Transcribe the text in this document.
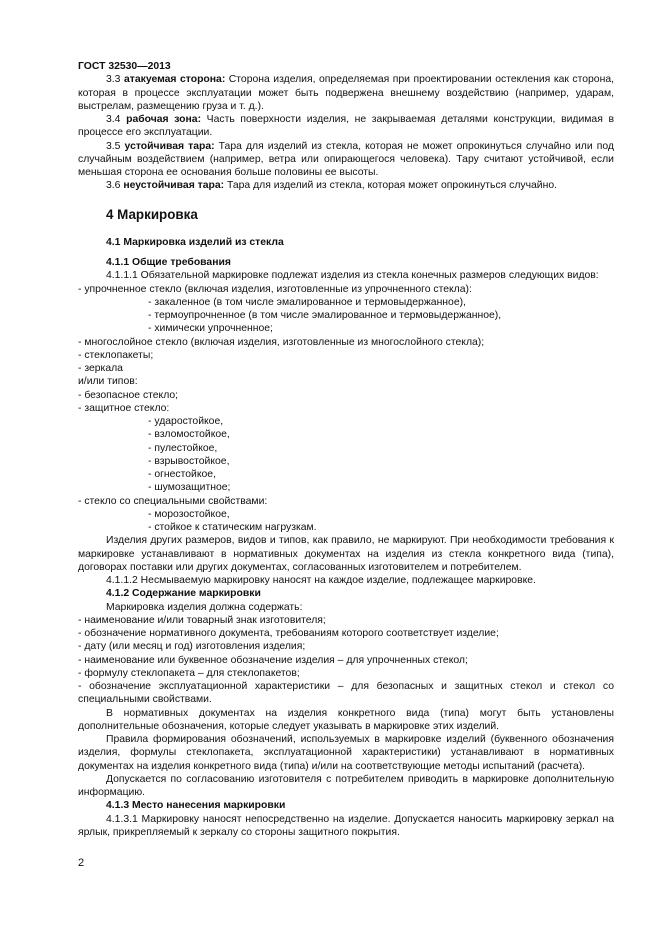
ГОСТ 32530—2013

3.3 атакуемая сторона: Сторона изделия, определяемая при проектировании остекления как сторона, которая в процессе эксплуатации может быть подвержена внешнему воздействию (например, ударам, выстрелам, размещению груза и т. д.).

3.4 рабочая зона: Часть поверхности изделия, не закрываемая деталями конструкции, видимая в процессе его эксплуатации.

3.5 устойчивая тара: Тара для изделий из стекла, которая не может опрокинуться случайно или под случайным воздействием (например, ветра или опирающегося человека). Тару считают устойчивой, если меньшая сторона ее основания больше половины ее высоты.

3.6 неустойчивая тара: Тара для изделий из стекла, которая может опрокинуться случайно.

4 Маркировка

4.1 Маркировка изделий из стекла

4.1.1 Общие требования

4.1.1.1 Обязательной маркировке подлежат изделия из стекла конечных размеров следующих видов:

- упрочненное стекло (включая изделия, изготовленные из упрочненного стекла):

- закаленное (в том числе эмалированное и термовыдержанное),

- термоупрочненное (в том числе эмалированное и термовыдержанное),

- химически упрочненное;

- многослойное стекло (включая изделия, изготовленные из многослойного стекла);

- стеклопакеты;

- зеркала

и/или типов:

- безопасное стекло;

- защитное стекло:

- ударостойкое,

- взломостойкое,

- пулестойкое,

- взрывостойкое,

- огнестойкое,

- шумозащитное;

- стекло со специальными свойствами:

- морозостойкое,

- стойкое к статическим нагрузкам.

Изделия других размеров, видов и типов, как правило, не маркируют. При необходимости требования к маркировке устанавливают в нормативных документах на изделия из стекла конкретного вида (типа), договорах поставки или других документах, согласованных изготовителем и потребителем.

4.1.1.2 Несмываемую маркировку наносят на каждое изделие, подлежащее маркировке.

4.1.2 Содержание маркировки

Маркировка изделия должна содержать:

- наименование и/или товарный знак изготовителя;

- обозначение нормативного документа, требованиям которого соответствует изделие;

- дату (или месяц и год) изготовления изделия;

- наименование или буквенное обозначение изделия – для упрочненных стекол;

- формулу стеклопакета – для стеклопакетов;

- обозначение эксплуатационной характеристики – для безопасных и защитных стекол и стекол со специальными свойствами.

В нормативных документах на изделия конкретного вида (типа) могут быть установлены дополнительные обозначения, которые следует указывать в маркировке этих изделий.

Правила формирования обозначений, используемых в маркировке изделий (буквенного обозначения изделия, формулы стеклопакета, эксплуатационной характеристики) устанавливают в нормативных документах на изделия конкретного вида (типа) и/или на соответствующие методы испытаний (расчета).

Допускается по согласованию изготовителя с потребителем приводить в маркировке дополнительную информацию.

4.1.3 Место нанесения маркировки

4.1.3.1 Маркировку наносят непосредственно на изделие. Допускается наносить маркировку зеркал на ярлык, прикрепляемый к зеркалу со стороны защитного покрытия.

2
